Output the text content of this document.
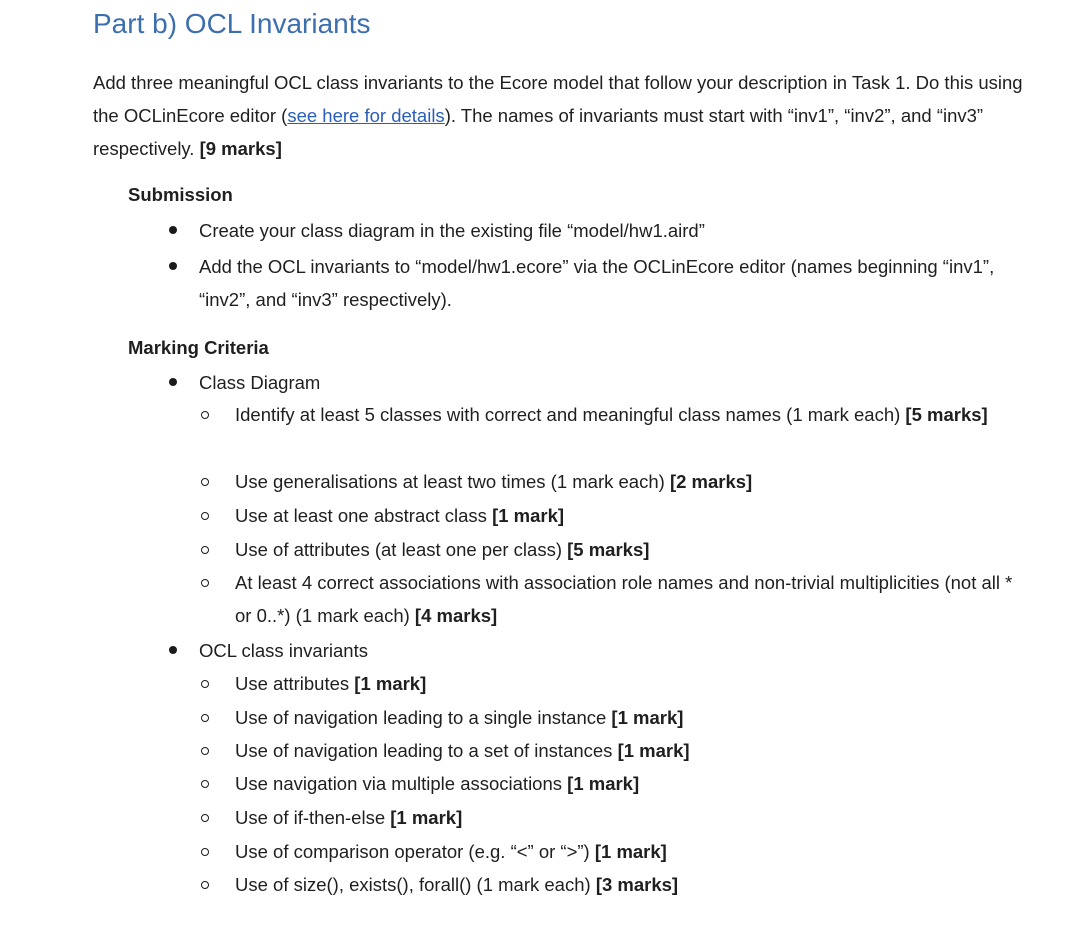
Part b) OCL Invariants
Add three meaningful OCL class invariants to the Ecore model that follow your description in Task 1. Do this using the OCLinEcore editor (see here for details). The names of invariants must start with “inv1”, “inv2”, and “inv3” respectively. [9 marks]
Submission
Create your class diagram in the existing file “model/hw1.aird”
Add the OCL invariants to “model/hw1.ecore” via the OCLinEcore editor (names beginning “inv1”, “inv2”, and “inv3” respectively).
Marking Criteria
Class Diagram
Identify at least 5 classes with correct and meaningful class names (1 mark each) [5 marks]
Use generalisations at least two times (1 mark each) [2 marks]
Use at least one abstract class [1 mark]
Use of attributes (at least one per class) [5 marks]
At least 4 correct associations with association role names and non-trivial multiplicities (not all * or 0..*) (1 mark each) [4 marks]
OCL class invariants
Use attributes [1 mark]
Use of navigation leading to a single instance [1 mark]
Use of navigation leading to a set of instances [1 mark]
Use navigation via multiple associations [1 mark]
Use of if-then-else [1 mark]
Use of comparison operator (e.g. “<” or “>”) [1 mark]
Use of size(), exists(), forall() (1 mark each) [3 marks]
